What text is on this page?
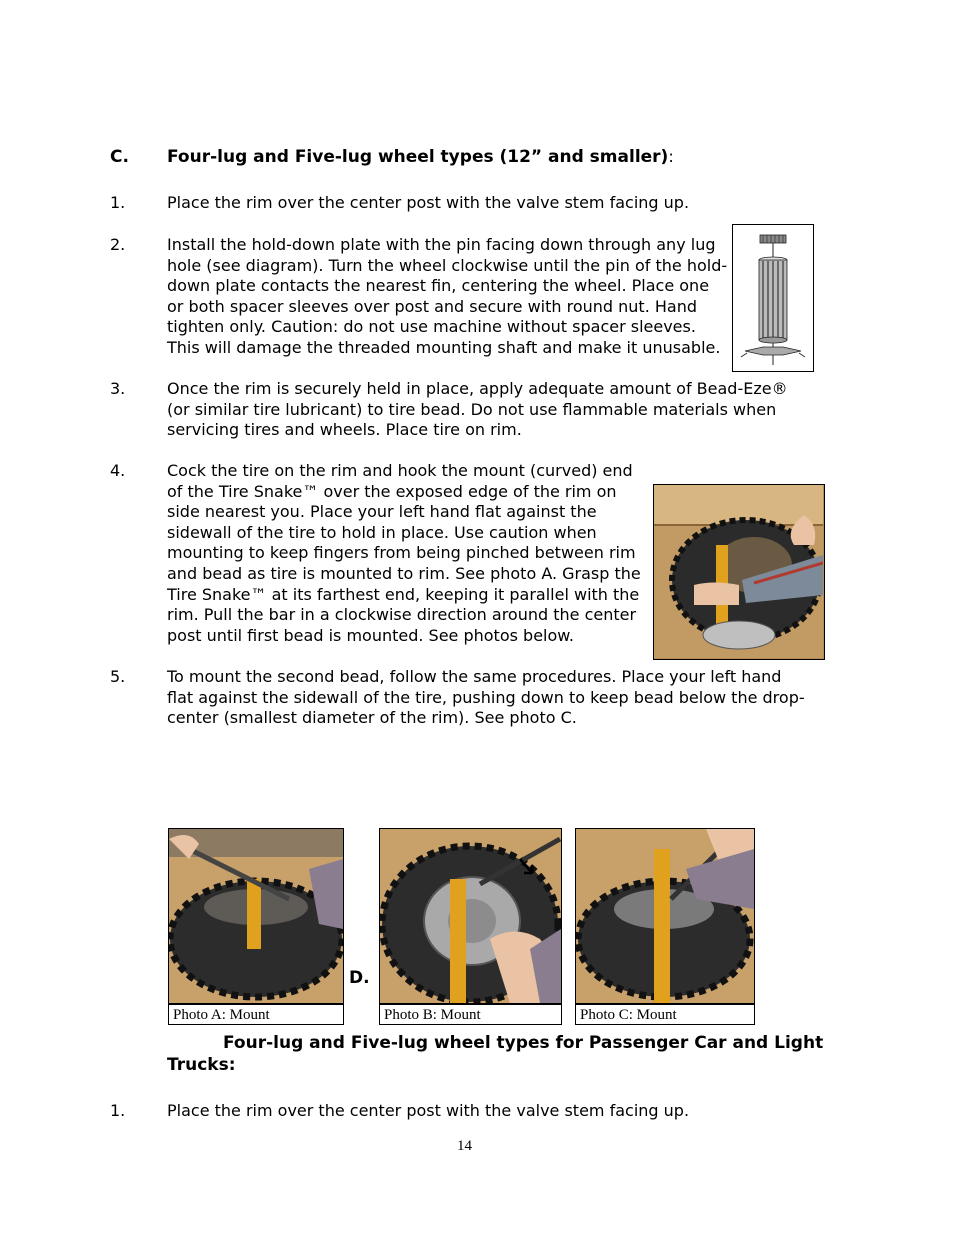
C. Four-lug and Five-lug wheel types (12” and smaller):
1.	Place the rim over the center post with the valve stem facing up.
2.	Install the hold-down plate with the pin facing down through any lug hole (see diagram). Turn the wheel clockwise until the pin of the hold-down plate contacts the nearest fin, centering the wheel. Place one or both spacer sleeves over post and secure with round nut. Hand tighten only. Caution: do not use machine without spacer sleeves. This will damage the threaded mounting shaft and make it unusable.
3.	Once the rim is securely held in place, apply adequate amount of Bead-Eze® (or similar tire lubricant) to tire bead. Do not use flammable materials when servicing tires and wheels. Place tire on rim.
4.	Cock the tire on the rim and hook the mount (curved) end of the Tire Snake™ over the exposed edge of the rim on side nearest you. Place your left hand flat against the sidewall of the tire to hold in place. Use caution when mounting to keep fingers from being pinched between rim and bead as tire is mounted to rim. See photo A. Grasp the Tire Snake™ at its farthest end, keeping it parallel with the rim. Pull the bar in a clockwise direction around the center post until first bead is mounted. See photos below.
5.	To mount the second bead, follow the same procedures. Place your left hand flat against the sidewall of the tire, pushing down to keep bead below the drop-center (smallest diameter of the rim). See photo C.
Photo A: Mount
D.
Photo B: Mount	Photo C: Mount
Four-lug and Five-lug wheel types for Passenger Car and Light Trucks:
1.	Place the rim over the center post with the valve stem facing up.
14
